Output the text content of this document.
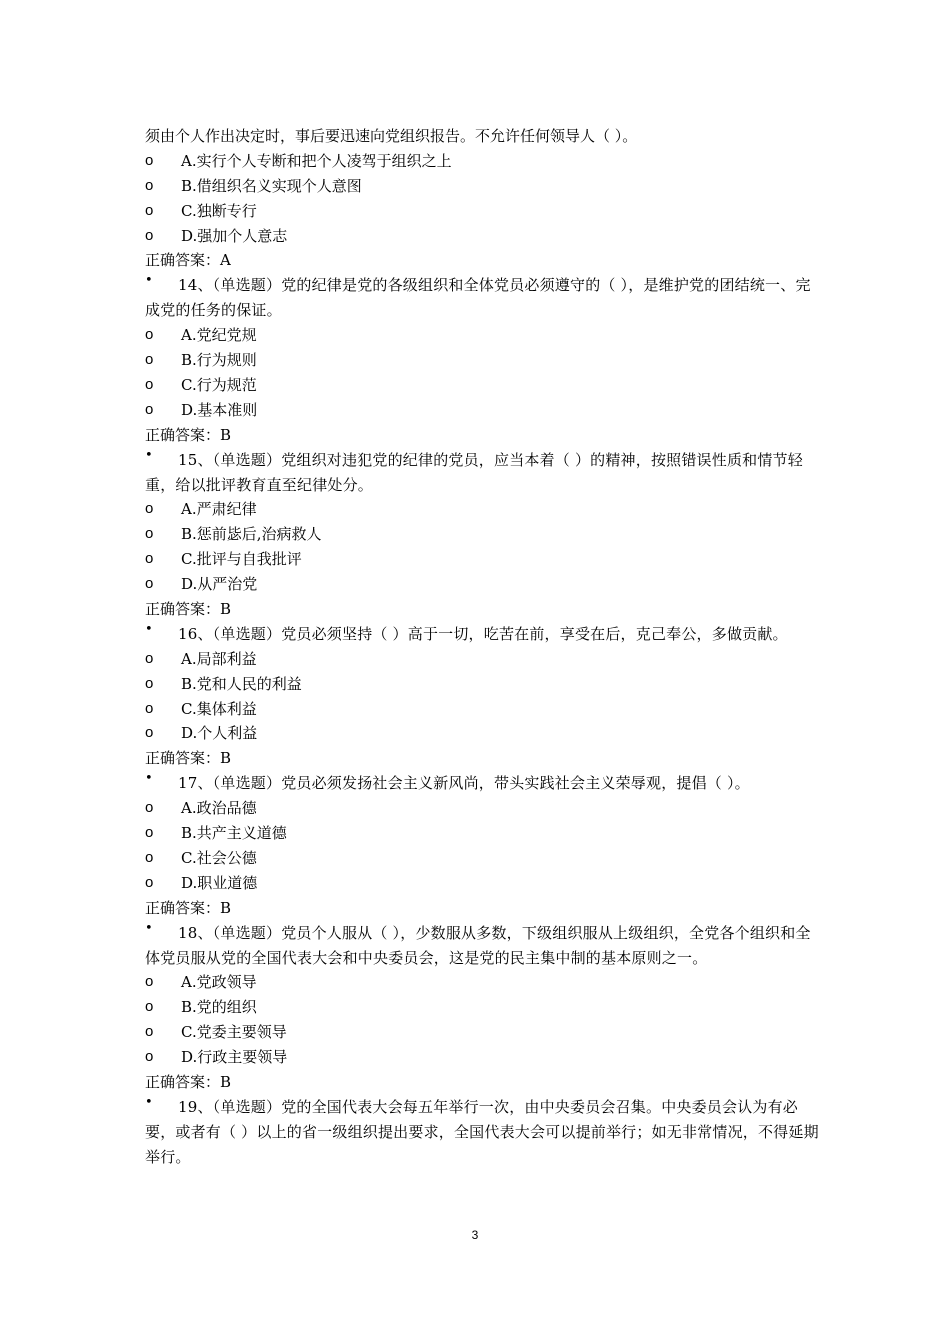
须由个人作出决定时，事后要迅速向党组织报告。不允许任何领导人（ ）。
o A.实行个人专断和把个人凌驾于组织之上
o B.借组织名义实现个人意图
o C.独断专行
o D.强加个人意志
正确答案：A
•	14、（单选题）党的纪律是党的各级组织和全体党员必须遵守的（ ），是维护党的团结统一、完成党的任务的保证。
o A.党纪党规
o B.行为规则
o C.行为规范
o D.基本准则
正确答案：B
•	15、（单选题）党组织对违犯党的纪律的党员，应当本着（ ）的精神，按照错误性质和情节轻重，给以批评教育直至纪律处分。
o A.严肃纪律
o B.惩前毖后,治病救人
o C.批评与自我批评
o D.从严治党
正确答案：B
•	16、（单选题）党员必须坚持（ ）高于一切，吃苦在前，享受在后，克己奉公，多做贡献。
o A.局部利益
o B.党和人民的利益
o C.集体利益
o D.个人利益
正确答案：B
•	17、（单选题）党员必须发扬社会主义新风尚，带头实践社会主义荣辱观，提倡（ ）。
o A.政治品德
o B.共产主义道德
o C.社会公德
o D.职业道德
正确答案：B
•	18、（单选题）党员个人服从（ ），少数服从多数，下级组织服从上级组织，全党各个组织和全体党员服从党的全国代表大会和中央委员会，这是党的民主集中制的基本原则之一。
o A.党政领导
o B.党的组织
o C.党委主要领导
o D.行政主要领导
正确答案：B
•	19、（单选题）党的全国代表大会每五年举行一次，由中央委员会召集。中央委员会认为有必要，或者有（ ）以上的省一级组织提出要求，全国代表大会可以提前举行；如无非常情况，不得延期举行。
3
